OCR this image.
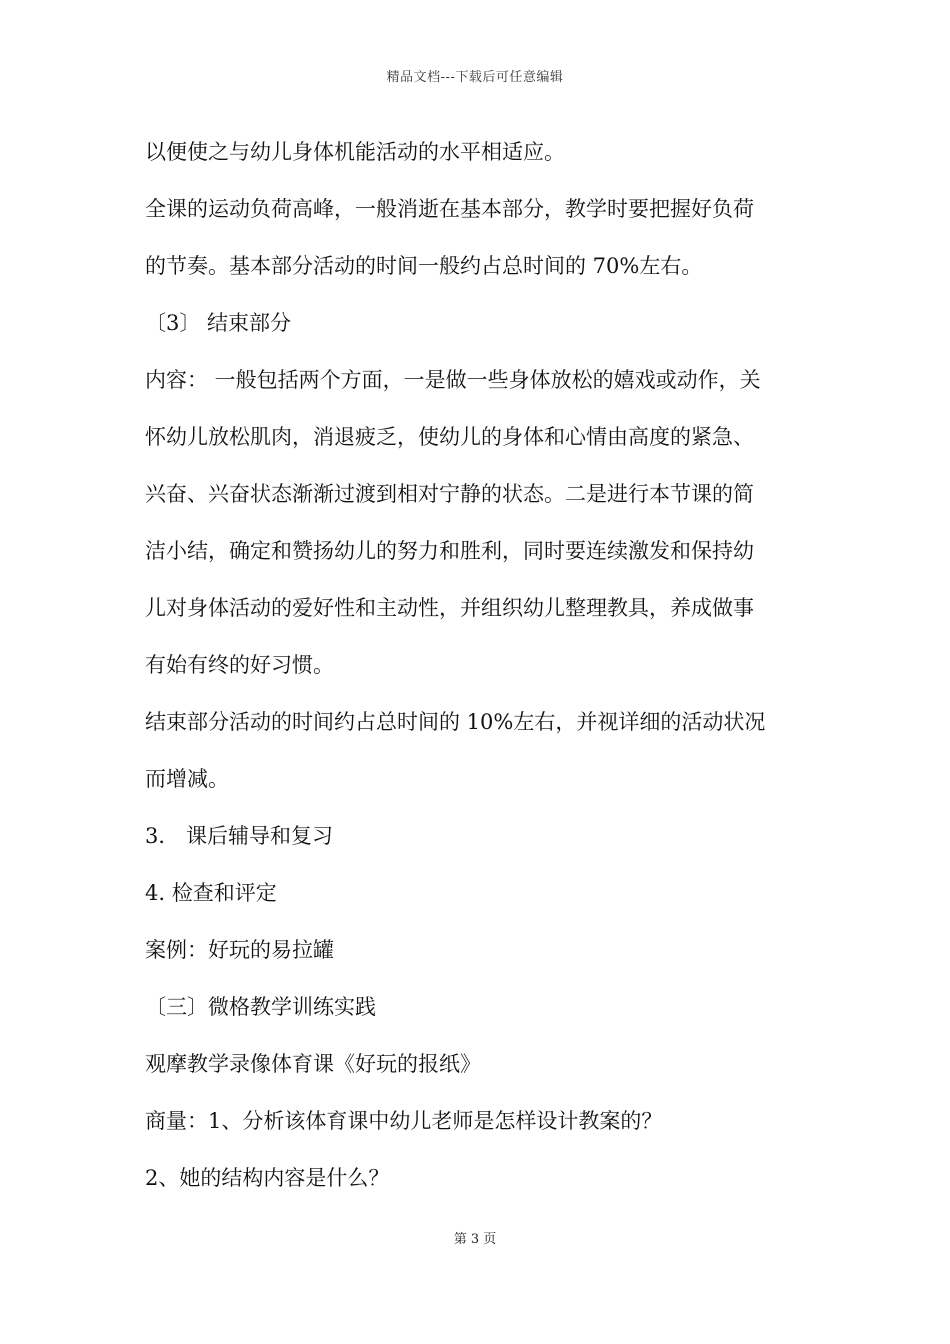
精品文档---下载后可任意编辑
以便使之与幼儿身体机能活动的水平相适应。
全课的运动负荷高峰，一般消逝在基本部分，教学时要把握好负荷
的节奏。基本部分活动的时间一般约占总时间的 70%左右。
〔3〕 结束部分
内容： 一般包括两个方面，一是做一些身体放松的嬉戏或动作，关
怀幼儿放松肌肉，消退疲乏，使幼儿的身体和心情由高度的紧急、
兴奋、兴奋状态渐渐过渡到相对宁静的状态。二是进行本节课的简
洁小结，确定和赞扬幼儿的努力和胜利，同时要连续激发和保持幼
儿对身体活动的爱好性和主动性，并组织幼儿整理教具，养成做事
有始有终的好习惯。
结束部分活动的时间约占总时间的 10%左右，并视详细的活动状况
而增减。
3． 课后辅导和复习
4. 检查和评定
案例：好玩的易拉罐
〔三〕微格教学训练实践
观摩教学录像体育课《好玩的报纸》
商量：1、分析该体育课中幼儿老师是怎样设计教案的？
2、她的结构内容是什么？
第 3 页
